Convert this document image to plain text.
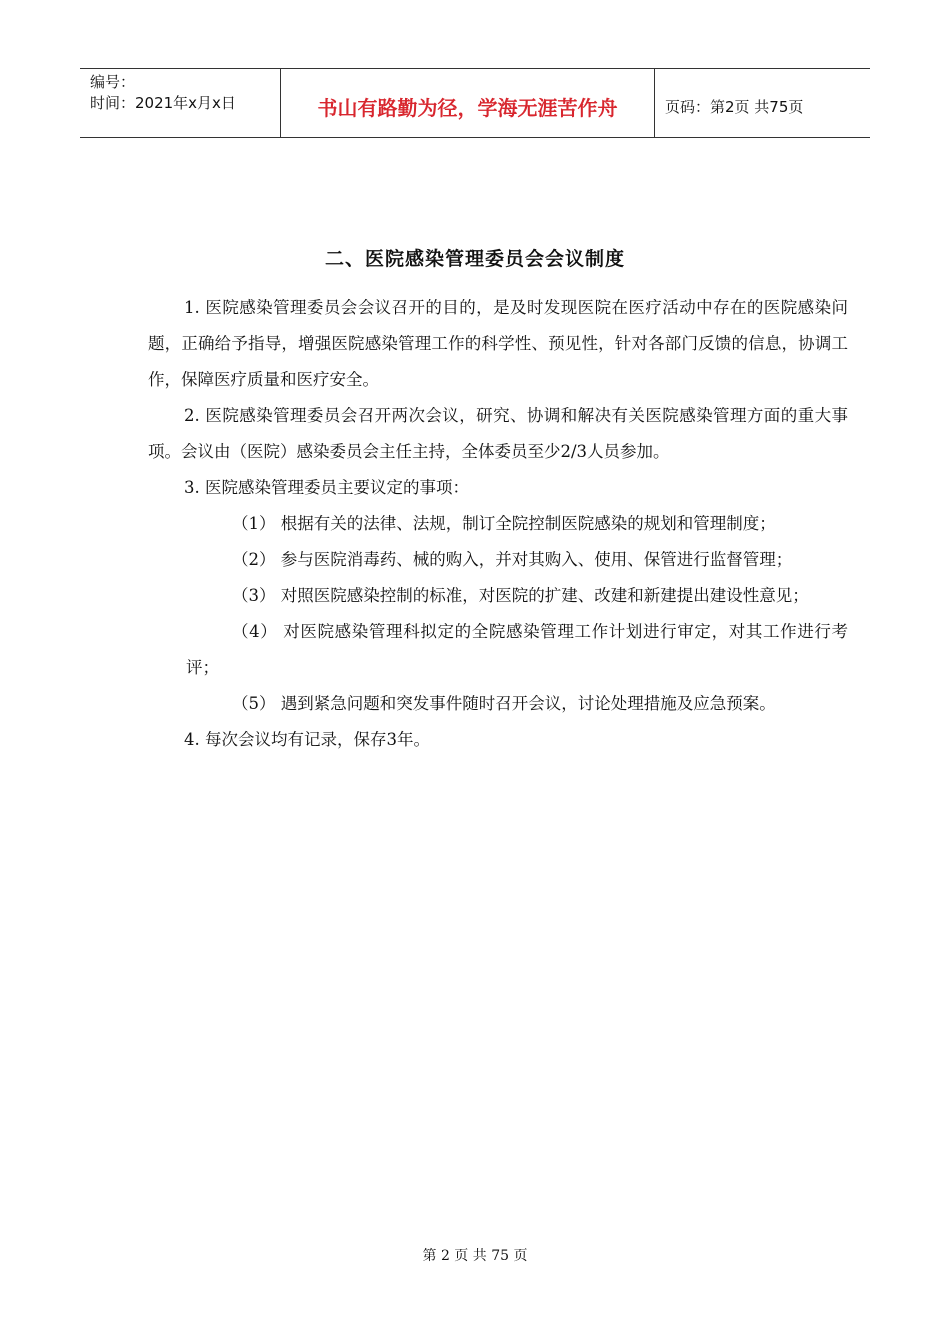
编号：
时间：2021年x月x日	书山有路勤为径，学海无涯苦作舟	页码：第2页 共75页
二、医院感染管理委员会会议制度

1. 医院感染管理委员会会议召开的目的，是及时发现医院在医疗活动中存在的医院感染问题，正确给予指导，增强医院感染管理工作的科学性、预见性，针对各部门反馈的信息，协调工作，保障医疗质量和医疗安全。

2. 医院感染管理委员会召开两次会议，研究、协调和解决有关医院感染管理方面的重大事项。会议由（医院）感染委员会主任主持，全体委员至少2/3人员参加。

3. 医院感染管理委员主要议定的事项：

（1） 根据有关的法律、法规，制订全院控制医院感染的规划和管理制度；

（2） 参与医院消毒药、械的购入，并对其购入、使用、保管进行监督管理；

（3） 对照医院感染控制的标准，对医院的扩建、改建和新建提出建设性意见；

（4） 对医院感染管理科拟定的全院感染管理工作计划进行审定，对其工作进行考评；

（5） 遇到紧急问题和突发事件随时召开会议，讨论处理措施及应急预案。

4. 每次会议均有记录，保存3年。

第 2 页 共 75 页
